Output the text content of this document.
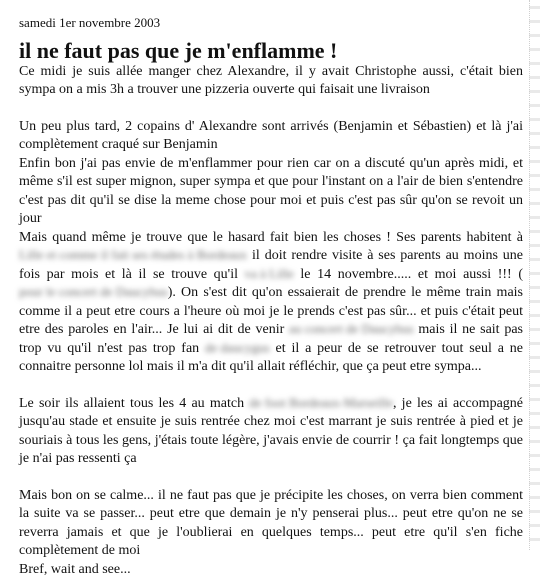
samedi 1er novembre 2003
il ne faut pas que je m'enflamme !

Ce midi je suis allée manger chez Alexandre, il y avait Christophe aussi, c'était bien sympa on a mis 3h a trouver une pizzeria ouverte qui faisait une livraison

Un peu plus tard, 2 copains d' Alexandre sont arrivés (Benjamin et Sébastien) et là j'ai complètement craqué sur Benjamin

Enfin bon j'ai pas envie de m'enflammer pour rien car on a discuté qu'un après midi, et même s'il est super mignon, super sympa et que pour l'instant on a l'air de bien s'entendre c'est pas dit qu'il se dise la meme chose pour moi et puis c'est pas sûr qu'on se revoit un jour

Mais quand même je trouve que le hasard fait bien les choses ! Ses parents habitent à Lille et comme il fait ses études à Bordeaux il doit rendre visite à ses parents au moins une fois par mois et là il se trouve qu'il va à Lille le 14 novembre..... et moi aussi !!! (pour le concert de Daucybus). On s'est dit qu'on essaierait de prendre le même train mais comme il a peut etre cours a l'heure où moi je le prends c'est pas sûr... et puis c'était peut etre des paroles en l'air... Je lui ai dit de venir au concert de Daucybus mais il ne sait pas trop vu qu'il n'est pas trop fan de daucygus et il a peur de se retrouver tout seul a ne connaitre personne lol mais il m'a dit qu'il allait réfléchir, que ça peut etre sympa...

Le soir ils allaient tous les 4 au match de foot Bordeaux-Marseille, je les ai accompagné jusqu'au stade et ensuite je suis rentrée chez moi c'est marrant je suis rentrée à pied et je souriais à tous les gens, j'étais toute légère, j'avais envie de courrir ! ça fait longtemps que je n'ai pas ressenti ça

Mais bon on se calme... il ne faut pas que je précipite les choses, on verra bien comment la suite va se passer... peut etre que demain je n'y penserai plus... peut etre qu'on ne se reverra jamais et que je l'oublierai en quelques temps... peut etre qu'il s'en fiche complètement de moi

Bref, wait and see...
